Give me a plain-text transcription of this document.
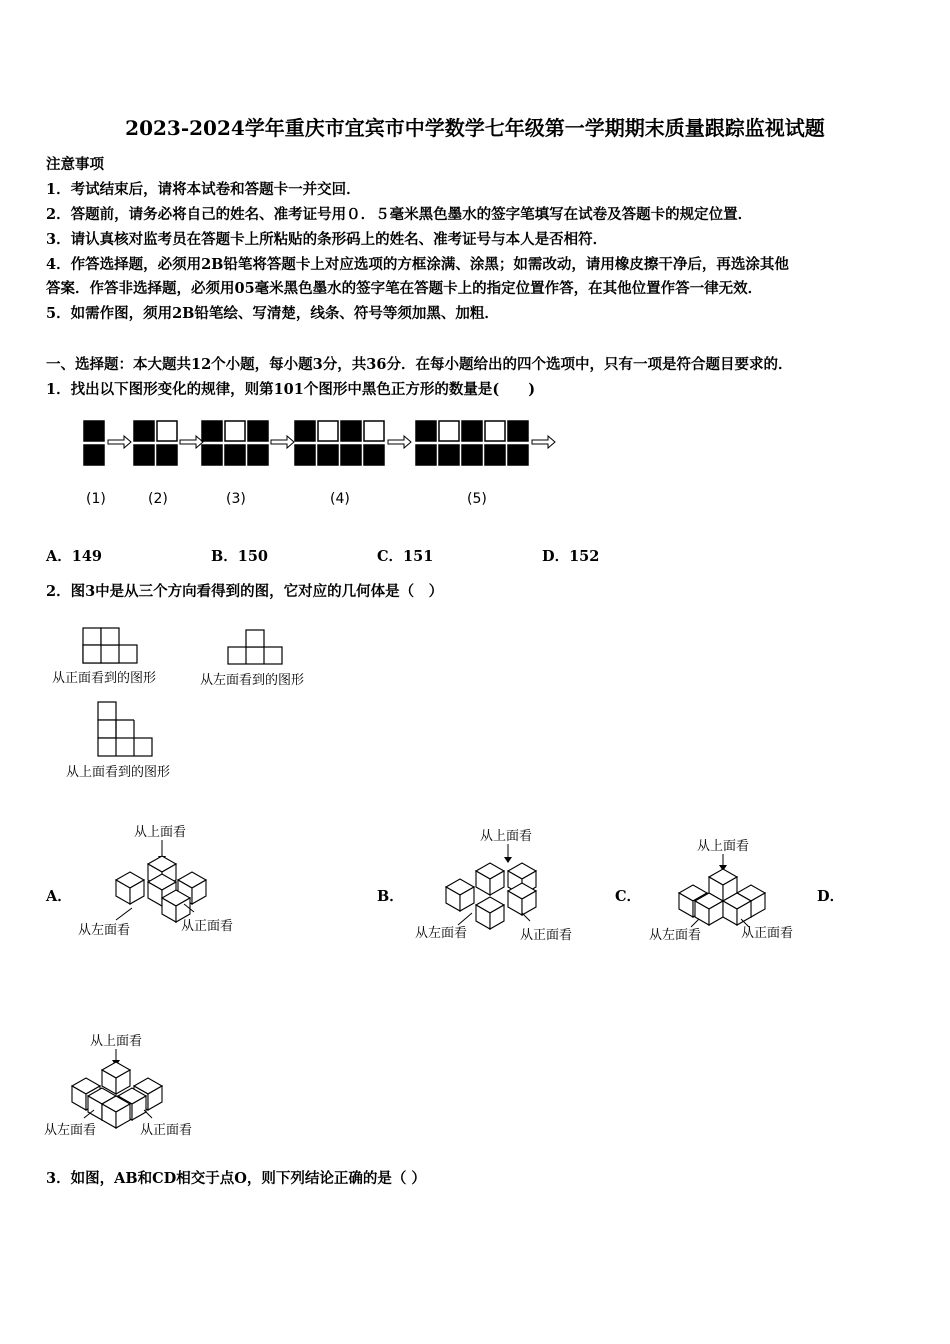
2023-2024学年重庆市宜宾市中学数学七年级第一学期期末质量跟踪监视试题
注意事项
1．考试结束后，请将本试卷和答题卡一并交回．
2．答题前，请务必将自己的姓名、准考证号用０．５毫米黑色墨水的签字笔填写在试卷及答题卡的规定位置．
3．请认真核对监考员在答题卡上所粘贴的条形码上的姓名、准考证号与本人是否相符．
4．作答选择题，必须用2B铅笔将答题卡上对应选项的方框涂满、涂黑；如需改动，请用橡皮擦干净后，再选涂其他
答案．作答非选择题，必须用05毫米黑色墨水的签字笔在答题卡上的指定位置作答，在其他位置作答一律无效．
5．如需作图，须用2B铅笔绘、写清楚，线条、符号等须加黑、加粗．
一、选择题：本大题共12个小题，每小题3分，共36分．在每小题给出的四个选项中，只有一项是符合题目要求的．
1．找出以下图形变化的规律，则第101个图形中黑色正方形的数量是(　　)
(1)	(2)	(3)	(4)	(5)
A．149	B．150	C．151	D．152
2．图3中是从三个方向看得到的图，它对应的几何体是（　）
从正面看到的图形	从左面看到的图形
从上面看到的图形
A．	B．	C．	D．
从上面看
从左面看	从正面看
从上面看
从左面看	从正面看
从上面看
从左面看	从正面看
从上面看
从左面看	从正面看
3．如图，AB和CD相交于点O，则下列结论正确的是（ ）
